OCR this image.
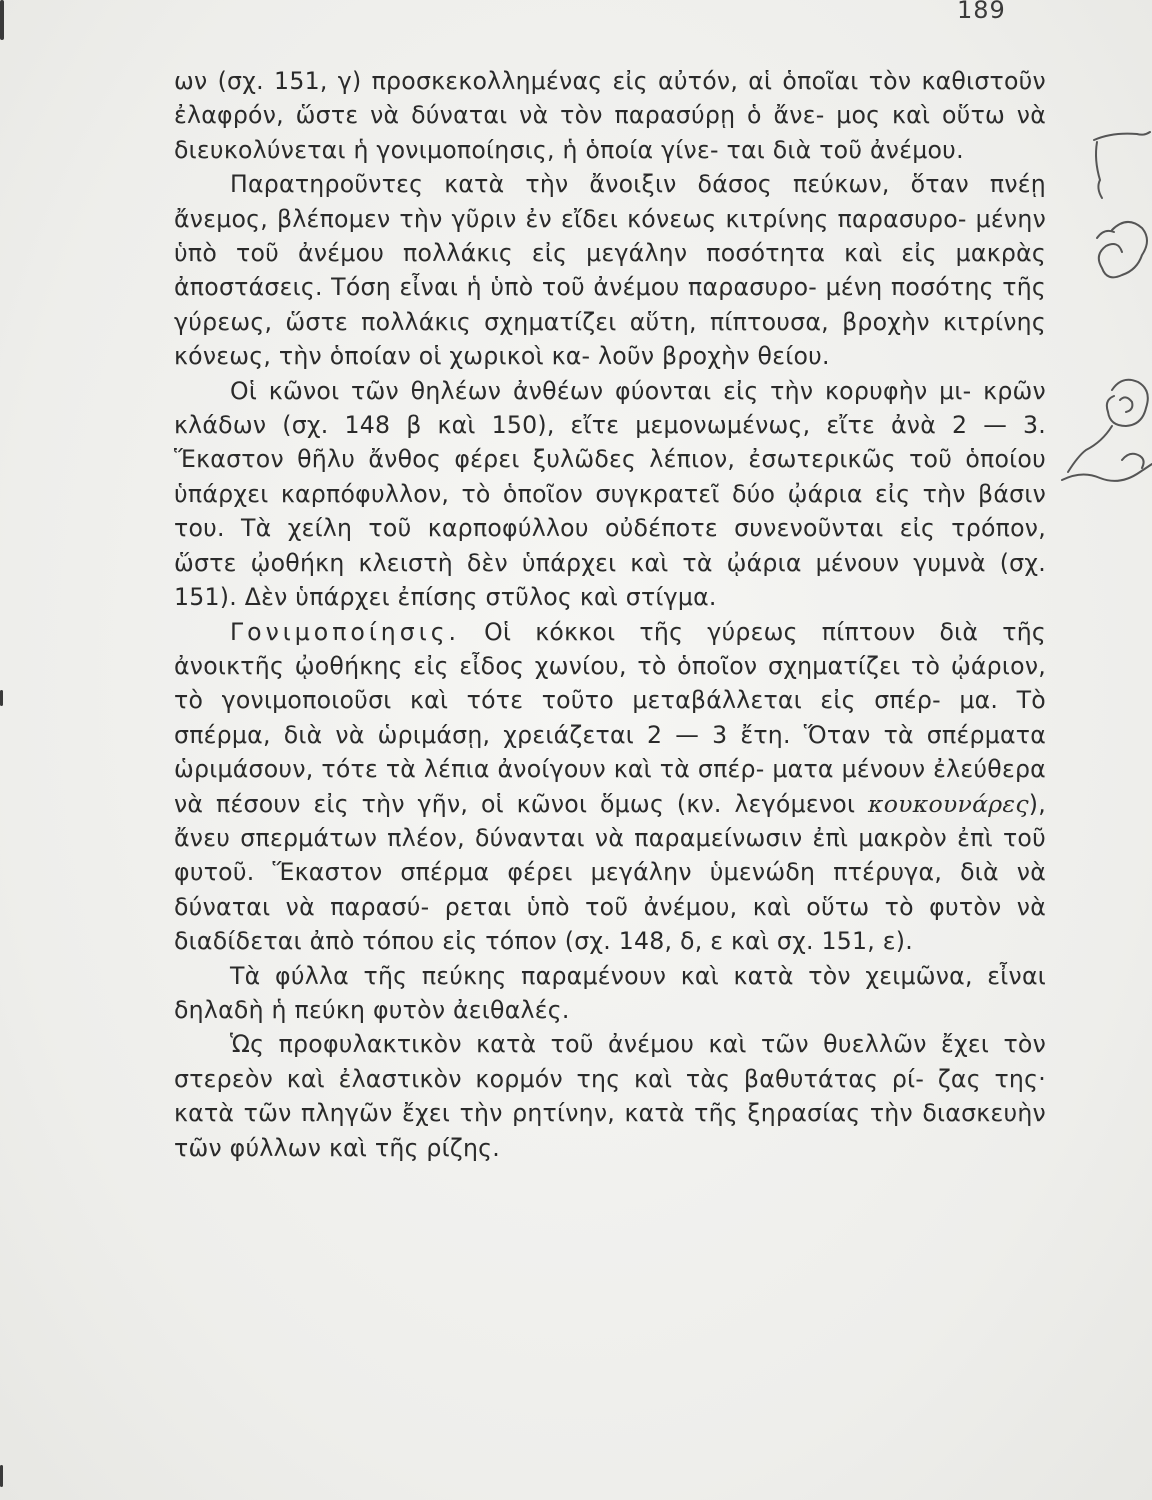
189

ων (σχ. 151, γ) προσκεκολλημένας εἰς αὐτόν, αἱ ὁποῖαι τὸν καθιστοῦν ἐλαφρόν, ὥστε νὰ δύναται νὰ τὸν παρασύρῃ ὁ ἄνε- μος καὶ οὕτω νὰ διευκολύνεται ἡ γονιμοποίησις, ἡ ὁποία γίνε- ται διὰ τοῦ ἀνέμου.

Παρατηροῦντες κατὰ τὴν ἄνοιξιν δάσος πεύκων, ὅταν πνέῃ ἄνεμος, βλέπομεν τὴν γῦριν ἐν εἴδει κόνεως κιτρίνης παρασυρο- μένην ὑπὸ τοῦ ἀνέμου πολλάκις εἰς μεγάλην ποσότητα καὶ εἰς μακρὰς ἀποστάσεις. Τόση εἶναι ἡ ὑπὸ τοῦ ἀνέμου παρασυρο- μένη ποσότης τῆς γύρεως, ὥστε πολλάκις σχηματίζει αὕτη, πίπτουσα, βροχὴν κιτρίνης κόνεως, τὴν ὁποίαν οἱ χωρικοὶ κα- λοῦν βροχὴν θείου.

Οἱ κῶνοι τῶν θηλέων ἀνθέων φύονται εἰς τὴν κορυφὴν μι- κρῶν κλάδων (σχ. 148 β καὶ 150), εἴτε μεμονωμένως, εἴτε ἀνὰ 2 — 3. Ἕκαστον θῆλυ ἄνθος φέρει ξυλῶδες λέπιον, ἐσωτερικῶς τοῦ ὁποίου ὑπάρχει καρπόφυλλον, τὸ ὁποῖον συγκρατεῖ δύο ᾠάρια εἰς τὴν βάσιν του. Τὰ χείλη τοῦ καρποφύλλου οὐδέποτε συνενοῦνται εἰς τρόπον, ὥστε ᾠοθήκη κλειστὴ δὲν ὑπάρχει καὶ τὰ ᾠάρια μένουν γυμνὰ (σχ. 151). Δὲν ὑπάρχει ἐπίσης στῦλος καὶ στίγμα.

Γονιμοποίησις. Οἱ κόκκοι τῆς γύρεως πίπτουν διὰ τῆς ἀνοικτῆς ᾠοθήκης εἰς εἶδος χωνίου, τὸ ὁποῖον σχηματίζει τὸ ᾠάριον, τὸ γονιμοποιοῦσι καὶ τότε τοῦτο μεταβάλλεται εἰς σπέρ- μα. Τὸ σπέρμα, διὰ νὰ ὡριμάσῃ, χρειάζεται 2 — 3 ἔτη. Ὅταν τὰ σπέρματα ὡριμάσουν, τότε τὰ λέπια ἀνοίγουν καὶ τὰ σπέρ- ματα μένουν ἐλεύθερα νὰ πέσουν εἰς τὴν γῆν, οἱ κῶνοι ὅμως (κν. λεγόμενοι κουκουνάρες), ἄνευ σπερμάτων πλέον, δύνανται νὰ παραμείνωσιν ἐπὶ μακρὸν ἐπὶ τοῦ φυτοῦ. Ἕκαστον σπέρμα φέρει μεγάλην ὑμενώδη πτέρυγα, διὰ νὰ δύναται νὰ παρασύ- ρεται ὑπὸ τοῦ ἀνέμου, καὶ οὕτω τὸ φυτὸν νὰ διαδίδεται ἀπὸ τόπου εἰς τόπον (σχ. 148, δ, ε καὶ σχ. 151, ε).

Τὰ φύλλα τῆς πεύκης παραμένουν καὶ κατὰ τὸν χειμῶνα, εἶναι δηλαδὴ ἡ πεύκη φυτὸν ἀειθαλές.

Ὡς προφυλακτικὸν κατὰ τοῦ ἀνέμου καὶ τῶν θυελλῶν ἔχει τὸν στερεὸν καὶ ἐλαστικὸν κορμόν της καὶ τὰς βαθυτάτας ρί- ζας της· κατὰ τῶν πληγῶν ἔχει τὴν ρητίνην, κατὰ τῆς ξηρασίας τὴν διασκευὴν τῶν φύλλων καὶ τῆς ρίζης.
